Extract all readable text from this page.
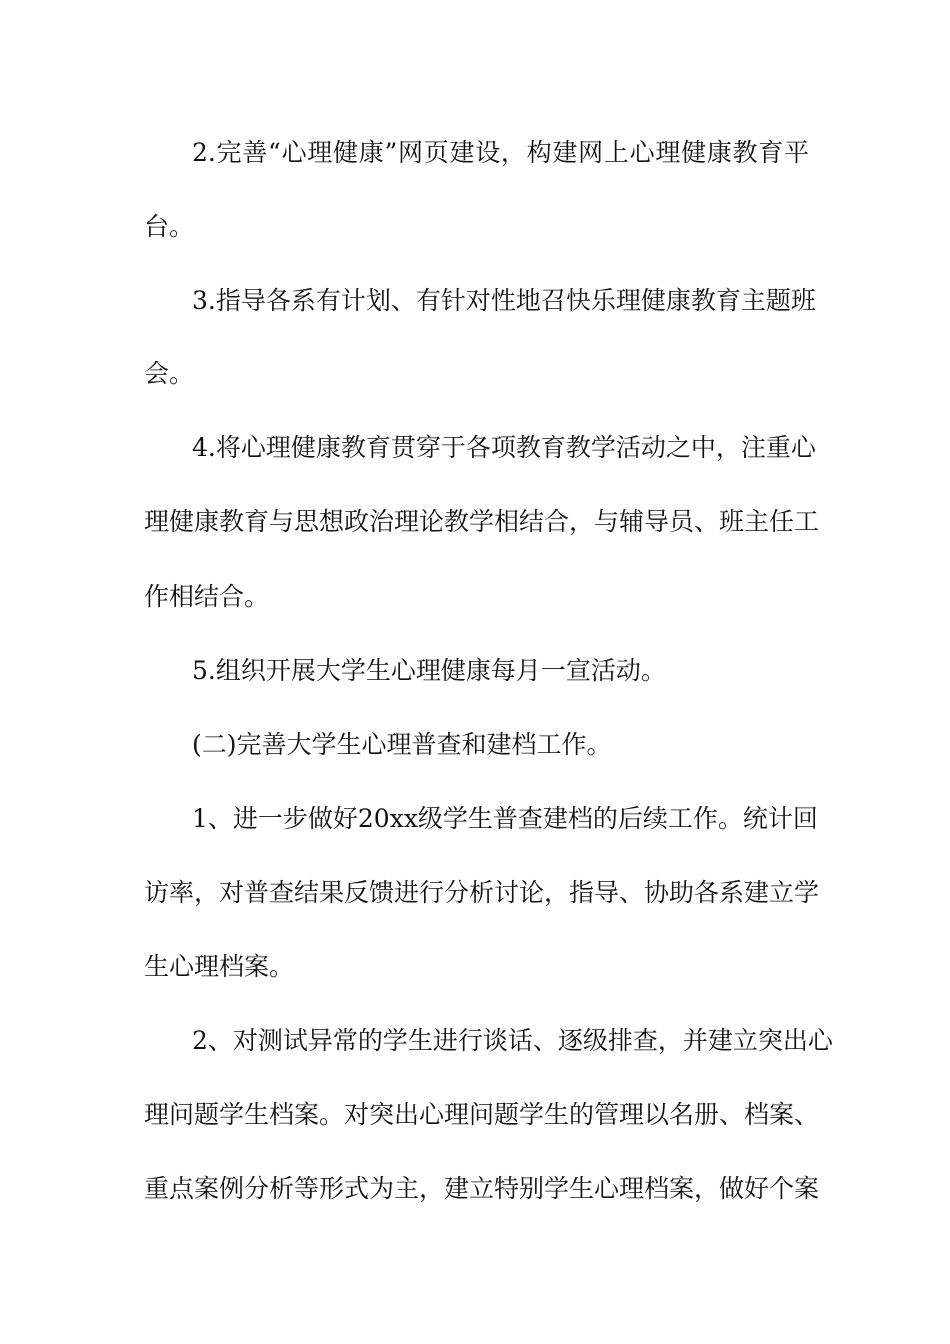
2.完善“心理健康”网页建设，构建网上心理健康教育平
台。
3.指导各系有计划、有针对性地召快乐理健康教育主题班
会。
4.将心理健康教育贯穿于各项教育教学活动之中，注重心
理健康教育与思想政治理论教学相结合，与辅导员、班主任工
作相结合。
5.组织开展大学生心理健康每月一宣活动。
(二)完善大学生心理普查和建档工作。
1、进一步做好20xx级学生普查建档的后续工作。统计回
访率，对普查结果反馈进行分析讨论，指导、协助各系建立学
生心理档案。
2、对测试异常的学生进行谈话、逐级排查，并建立突出心
理问题学生档案。对突出心理问题学生的管理以名册、档案、
重点案例分析等形式为主，建立特别学生心理档案，做好个案
